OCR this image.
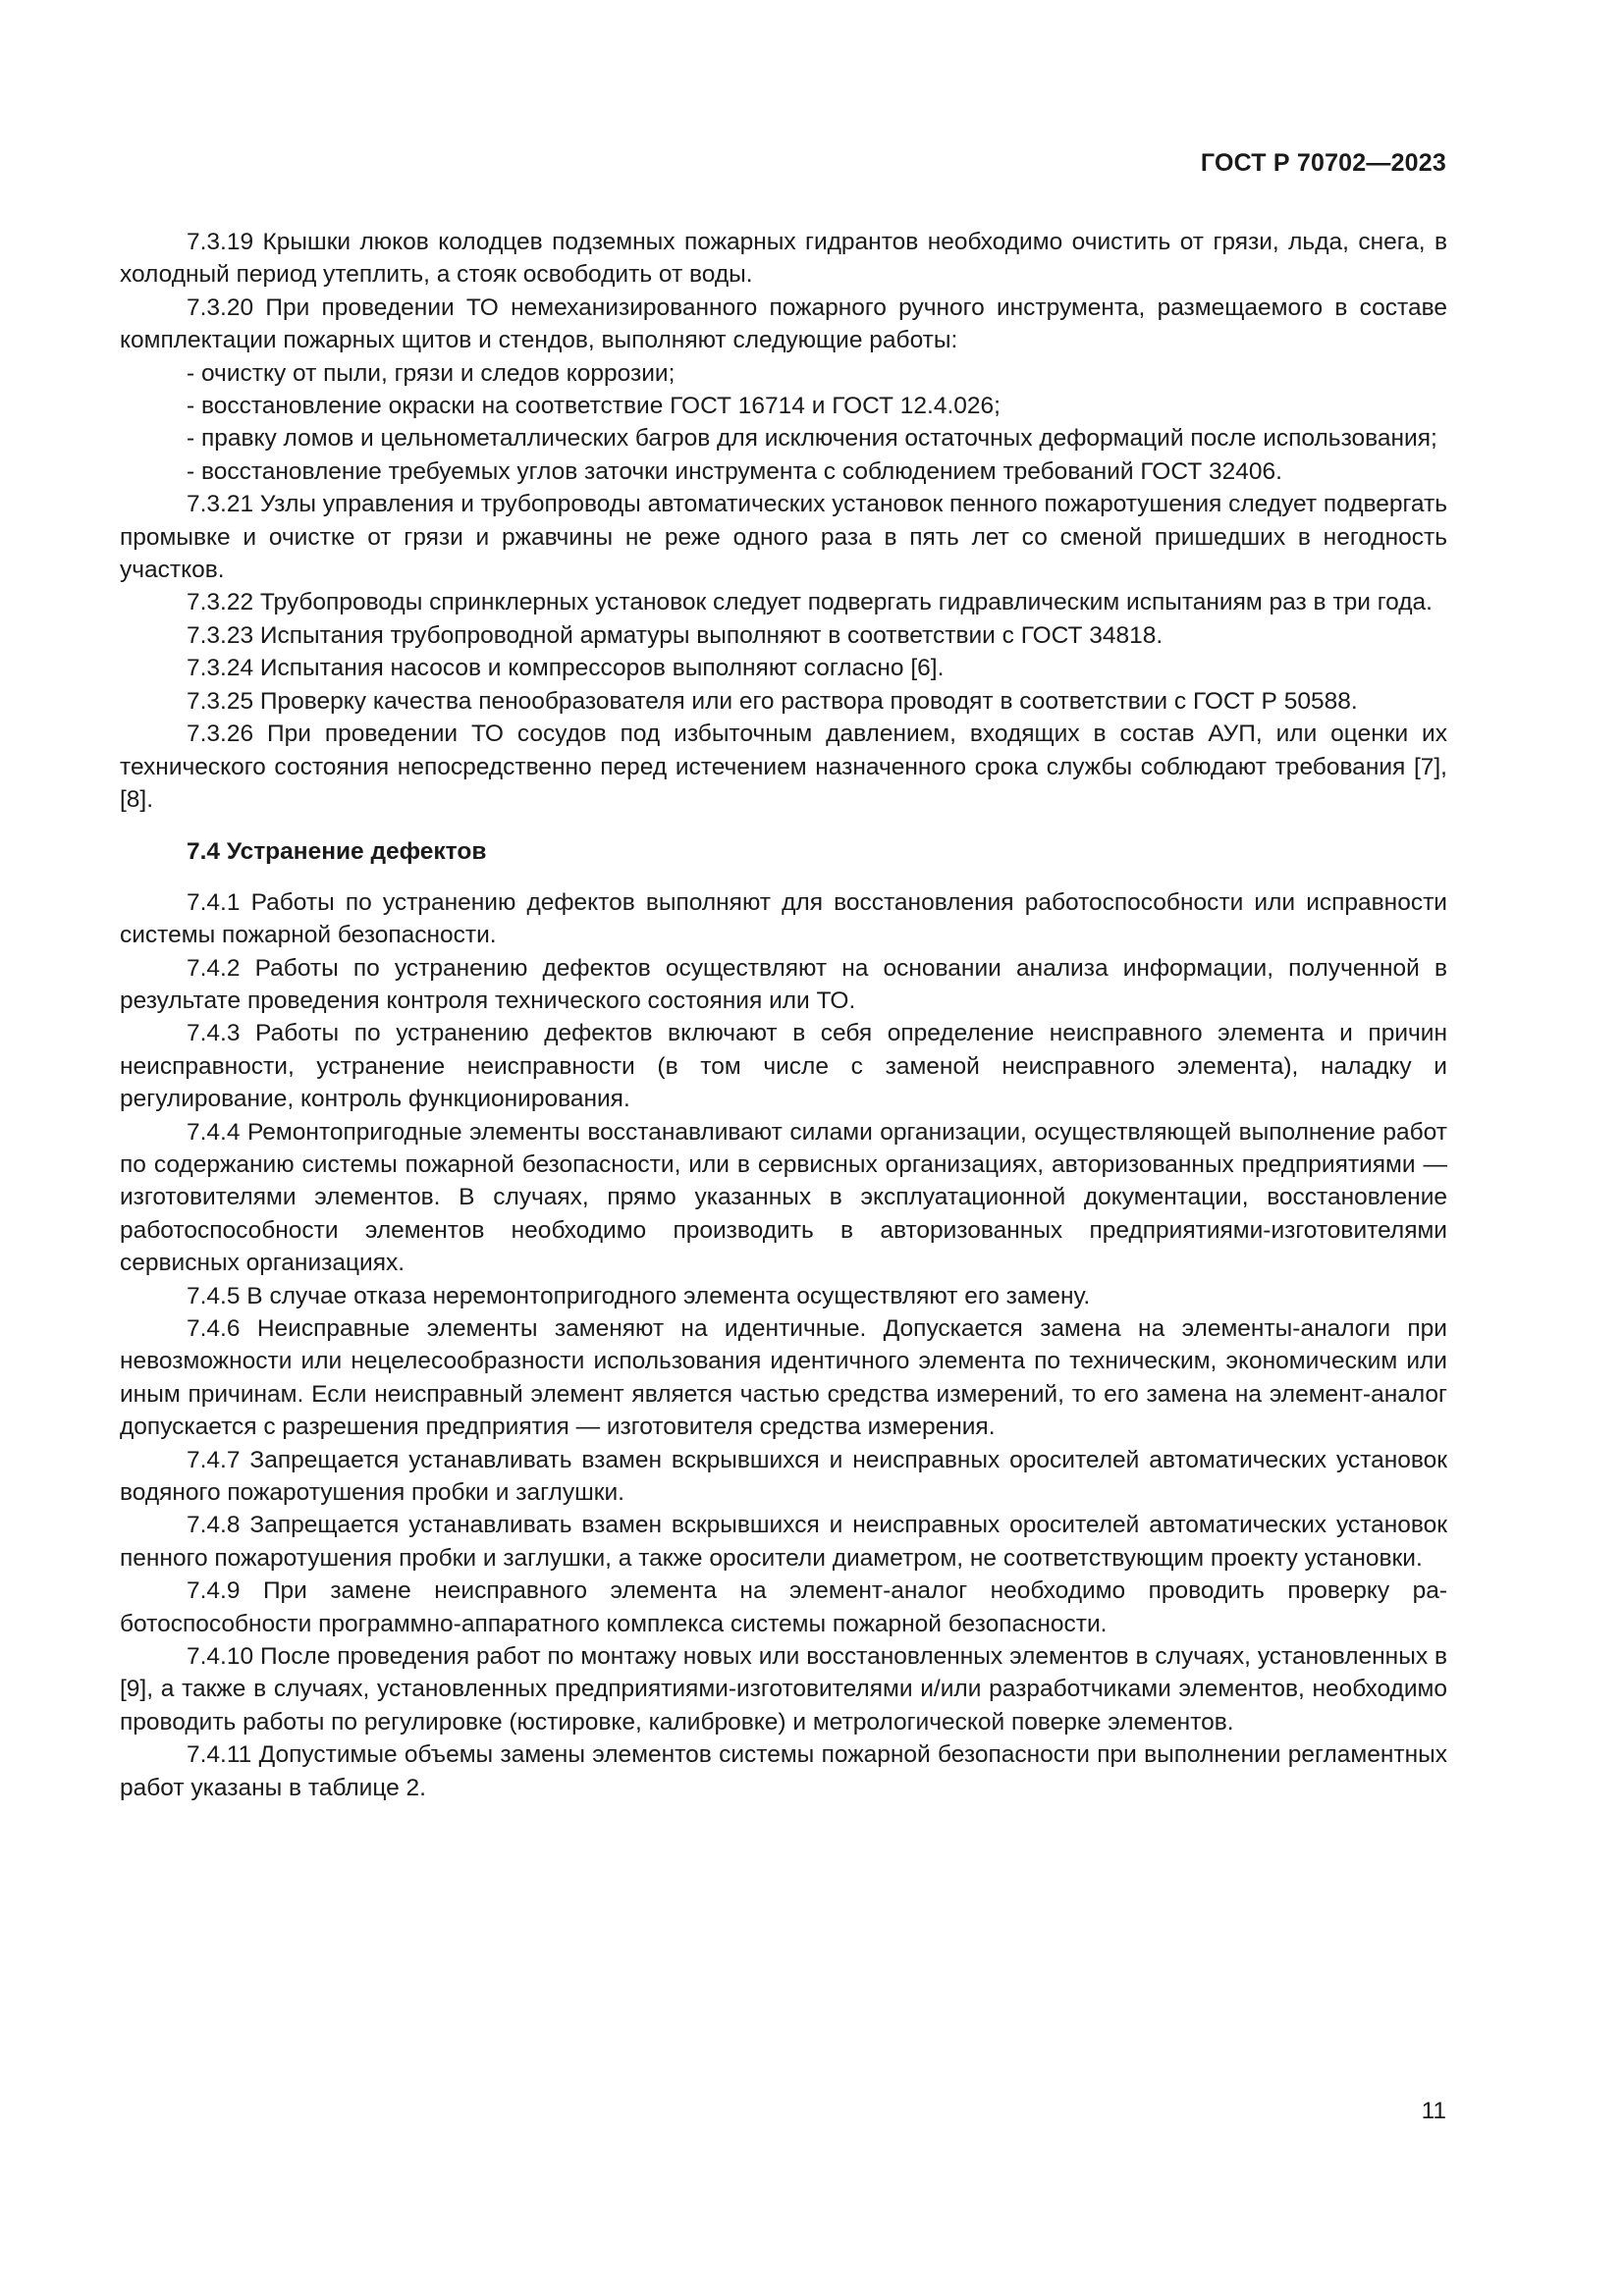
ГОСТ Р 70702—2023

7.3.19 Крышки люков колодцев подземных пожарных гидрантов необходимо очистить от грязи, льда, снега, в холодный период утеплить, а стояк освободить от воды.

7.3.20 При проведении ТО немеханизированного пожарного ручного инструмента, размещаемого в составе комплектации пожарных щитов и стендов, выполняют следующие работы:

- очистку от пыли, грязи и следов коррозии;

- восстановление окраски на соответствие ГОСТ 16714 и ГОСТ 12.4.026;

- правку ломов и цельнометаллических багров для исключения остаточных деформаций после использования;

- восстановление требуемых углов заточки инструмента с соблюдением требований ГОСТ 32406.

7.3.21 Узлы управления и трубопроводы автоматических установок пенного пожаротушения следует подвергать промывке и очистке от грязи и ржавчины не реже одного раза в пять лет со сменой пришедших в негодность участков.

7.3.22 Трубопроводы спринклерных установок следует подвергать гидравлическим испытаниям раз в три года.

7.3.23 Испытания трубопроводной арматуры выполняют в соответствии с ГОСТ 34818.

7.3.24 Испытания насосов и компрессоров выполняют согласно [6].

7.3.25 Проверку качества пенообразователя или его раствора проводят в соответствии с ГОСТ Р 50588.

7.3.26 При проведении ТО сосудов под избыточным давлением, входящих в состав АУП, или оценки их технического состояния непосредственно перед истечением назначенного срока службы соблюдают требования [7], [8].

7.4 Устранение дефектов

7.4.1 Работы по устранению дефектов выполняют для восстановления работоспособности или исправности системы пожарной безопасности.

7.4.2 Работы по устранению дефектов осуществляют на основании анализа информации, полученной в результате проведения контроля технического состояния или ТО.

7.4.3 Работы по устранению дефектов включают в себя определение неисправного элемента и причин неисправности, устранение неисправности (в том числе с заменой неисправного элемента), наладку и регулирование, контроль функционирования.

7.4.4 Ремонтопригодные элементы восстанавливают силами организации, осуществляющей выполнение работ по содержанию системы пожарной безопасности, или в сервисных организациях, авторизованных предприятиями — изготовителями элементов. В случаях, прямо указанных в эксплуатационной документации, восстановление работоспособности элементов необходимо производить в авторизованных предприятиями-изготовителями сервисных организациях.

7.4.5 В случае отказа неремонтопригодного элемента осуществляют его замену.

7.4.6 Неисправные элементы заменяют на идентичные. Допускается замена на элементы-аналоги при невозможности или нецелесообразности использования идентичного элемента по техническим, экономическим или иным причинам. Если неисправный элемент является частью средства измерений, то его замена на элемент-аналог допускается с разрешения предприятия — изготовителя средства измерения.

7.4.7 Запрещается устанавливать взамен вскрывшихся и неисправных оросителей автоматических установок водяного пожаротушения пробки и заглушки.

7.4.8 Запрещается устанавливать взамен вскрывшихся и неисправных оросителей автоматических установок пенного пожаротушения пробки и заглушки, а также оросители диаметром, не соответствующим проекту установки.

7.4.9 При замене неисправного элемента на элемент-аналог необходимо проводить проверку работоспособности программно-аппаратного комплекса системы пожарной безопасности.

7.4.10 После проведения работ по монтажу новых или восстановленных элементов в случаях, установленных в [9], а также в случаях, установленных предприятиями-изготовителями и/или разработчиками элементов, необходимо проводить работы по регулировке (юстировке, калибровке) и метрологической поверке элементов.

7.4.11 Допустимые объемы замены элементов системы пожарной безопасности при выполнении регламентных работ указаны в таблице 2.

11
